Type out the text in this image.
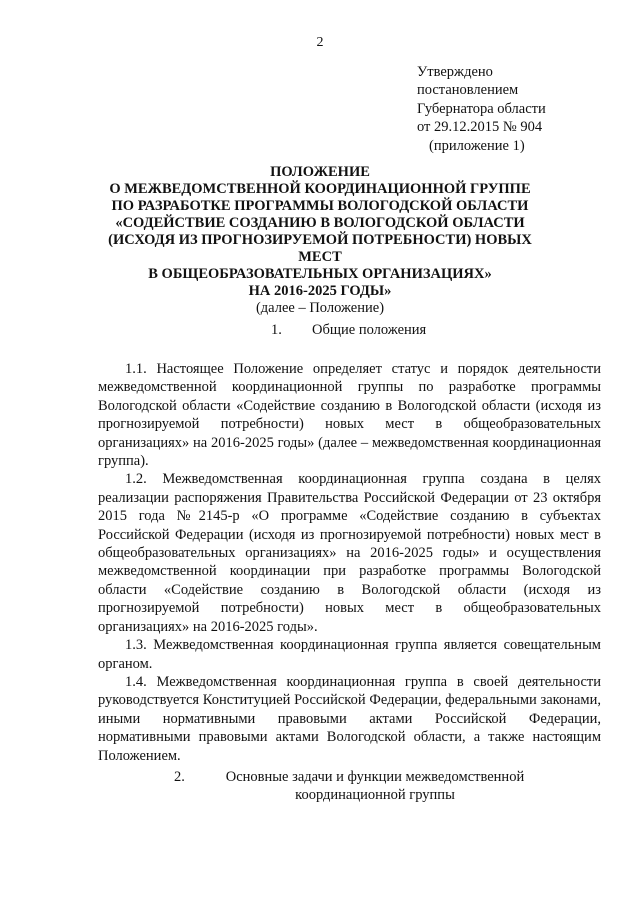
2
Утверждено
постановлением
Губернатора области
от 29.12.2015 № 904
(приложение 1)
ПОЛОЖЕНИЕ
О МЕЖВЕДОМСТВЕННОЙ КООРДИНАЦИОННОЙ ГРУППЕ
ПО РАЗРАБОТКЕ ПРОГРАММЫ ВОЛОГОДСКОЙ ОБЛАСТИ
«СОДЕЙСТВИЕ СОЗДАНИЮ В ВОЛОГОДСКОЙ ОБЛАСТИ
(ИСХОДЯ ИЗ ПРОГНОЗИРУЕМОЙ ПОТРЕБНОСТИ) НОВЫХ МЕСТ
В ОБЩЕОБРАЗОВАТЕЛЬНЫХ ОРГАНИЗАЦИЯХ»
НА 2016-2025 ГОДЫ»
(далее – Положение)
1. Общие положения

1.1. Настоящее Положение определяет статус и порядок деятельности межведомственной координационной группы по разработке программы Вологодской области «Содействие созданию в Вологодской области (исходя из прогнозируемой потребности) новых мест в общеобразовательных организациях» на 2016-2025 годы» (далее – межведомственная координационная группа).

1.2. Межведомственная координационная группа создана в целях реализации распоряжения Правительства Российской Федерации от 23 октября 2015 года №2145-р «О программе «Содействие созданию в субъектах Российской Федерации (исходя из прогнозируемой потребности) новых мест в общеобразовательных организациях» на 2016-2025 годы» и осуществления межведомственной координации при разработке программы Вологодской области «Содействие созданию в Вологодской области (исходя из прогнозируемой потребности) новых мест в общеобразовательных организациях» на 2016-2025 годы».

1.3. Межведомственная координационная группа является совещательным органом.

1.4. Межведомственная координационная группа в своей деятельности руководствуется Конституцией Российской Федерации, федеральными законами, иными нормативными правовыми актами Российской Федерации, нормативными правовыми актами Вологодской области, а также настоящим Положением.

2.	Основные задачи и функции межведомственной
координационной группы
